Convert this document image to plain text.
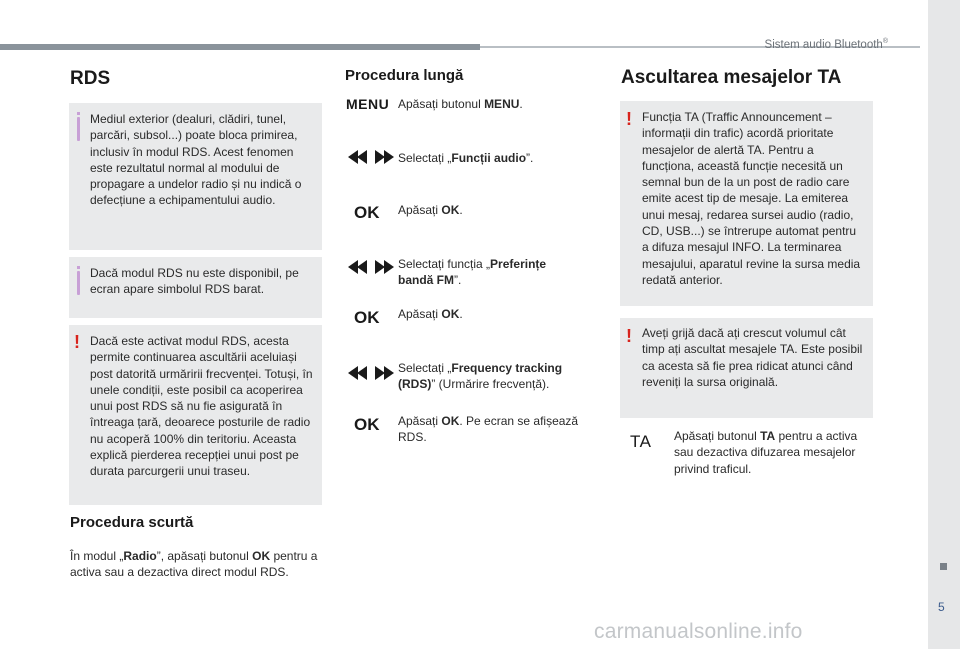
Sistem audio Bluetooth®
5
carmanualsonline.info
RDS

Mediul exterior (dealuri, clădiri, tunel, parcări, subsol...) poate bloca primirea, inclusiv în modul RDS. Acest fenomen este rezultatul normal al modului de propagare a undelor radio și nu indică o defecțiune a echipamentului audio.

Dacă modul RDS nu este disponibil, pe ecran apare simbolul RDS barat.

! Dacă este activat modul RDS, acesta permite continuarea ascultării aceluiași post datorită urmăririi frecvenței. Totuși, în unele condiții, este posibil ca acoperirea unui post RDS să nu fie asigurată în întreaga țară, deoarece posturile de radio nu acoperă 100% din teritoriu. Aceasta explică pierderea recepției unui post pe durata parcurgerii unui traseu.

Procedura scurtă
În modul „Radio”, apăsați butonul OK pentru a activa sau a dezactiva direct modul RDS.
Procedura lungă
MENU Apăsați butonul MENU.
Selectați „Funcții audio”.
OK Apăsați OK.
Selectați funcția „Preferințe bandă FM”.
OK Apăsați OK.
Selectați „Frequency tracking (RDS)” (Urmărire frecvență).
OK Apăsați OK. Pe ecran se afișează RDS.
Ascultarea mesajelor TA
! Funcția TA (Traffic Announcement – informații din trafic) acordă prioritate mesajelor de alertă TA. Pentru a funcționa, această funcție necesită un semnal bun de la un post de radio care emite acest tip de mesaje. La emiterea unui mesaj, redarea sursei audio (radio, CD, USB...) se întrerupe automat pentru a difuza mesajul INFO. La terminarea mesajului, aparatul revine la sursa media redată anterior.

! Aveți grijă dacă ați crescut volumul cât timp ați ascultat mesajele TA. Este posibil ca acesta să fie prea ridicat atunci când reveniți la sursa originală.

TA Apăsați butonul TA pentru a activa sau dezactiva difuzarea mesajelor privind traficul.
